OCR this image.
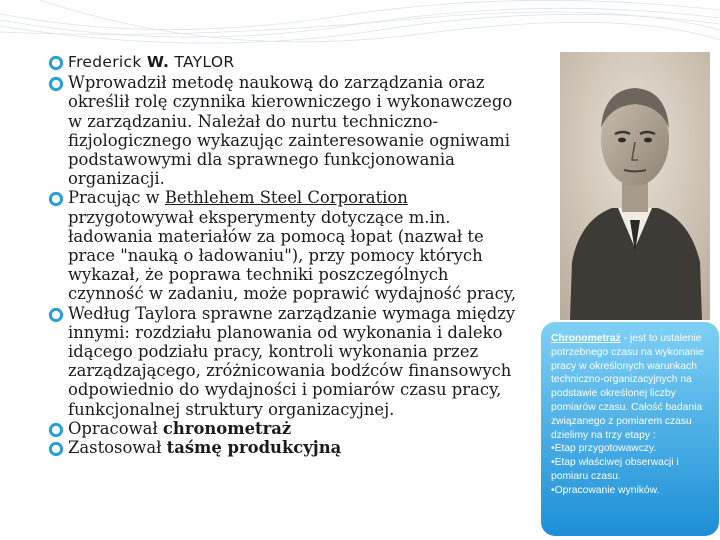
Frederick W. TAYLOR

Wprowadził metodę naukową do zarządzania oraz określił rolę czynnika kierowniczego i wykonawczego w zarządzaniu. Należał do nurtu techniczno-fizjologicznego wykazując zainteresowanie ogniwami podstawowymi dla sprawnego funkcjonowania organizacji.

Pracując w Bethlehem Steel Corporation przygotowywał eksperymenty dotyczące m.in. ładowania materiałów za pomocą łopat (nazwał te prace "nauką o ładowaniu"), przy pomocy których wykazał, że poprawa techniki poszczególnych czynność w zadaniu, może poprawić wydajność pracy,

Według Taylora sprawne zarządzanie wymaga między innymi: rozdziału planowania od wykonania i daleko idącego podziału pracy, kontroli wykonania przez zarządzającego, zróżnicowania bodźców finansowych odpowiednio do wydajności i pomiarów czasu pracy, funkcjonalnej struktury organizacyjnej.

Opracował chronometraż

Zastosował taśmę produkcyjną

Chronometraż - jest to ustalenie potrzebnego czasu na wykonanie pracy w określonych warunkach techniczno-organizacyjnych na podstawie określonej liczby pomiarów czasu. Całość badania związanego z pomiarem czasu dzielimy na trzy etapy :

•Etap przygotowawczy.

•Etap właściwej obserwacji i pomiaru czasu.

•Opracowanie wyników.
